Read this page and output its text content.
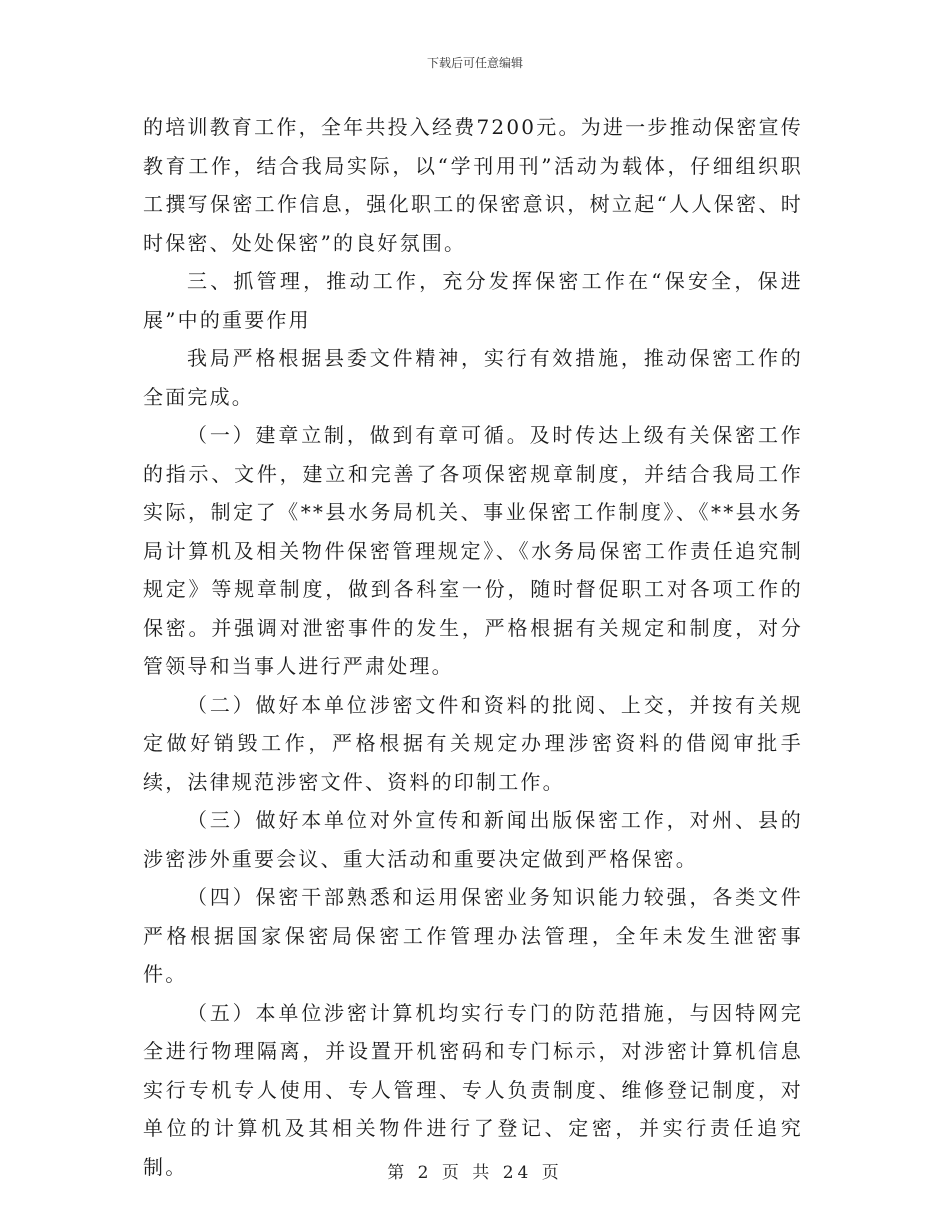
下载后可任意编辑

的培训教育工作，全年共投入经费7200元。为进一步推动保密宣传教育工作，结合我局实际，以“学刊用刊”活动为载体，仔细组织职工撰写保密工作信息，强化职工的保密意识，树立起“人人保密、时时保密、处处保密”的良好氛围。

三、抓管理，推动工作，充分发挥保密工作在“保安全，保进展”中的重要作用

我局严格根据县委文件精神，实行有效措施，推动保密工作的全面完成。

（一）建章立制，做到有章可循。及时传达上级有关保密工作的指示、文件，建立和完善了各项保密规章制度，并结合我局工作实际，制定了《**县水务局机关、事业保密工作制度》、《**县水务局计算机及相关物件保密管理规定》、《水务局保密工作责任追究制规定》等规章制度，做到各科室一份，随时督促职工对各项工作的保密。并强调对泄密事件的发生，严格根据有关规定和制度，对分管领导和当事人进行严肃处理。

（二）做好本单位涉密文件和资料的批阅、上交，并按有关规定做好销毁工作，严格根据有关规定办理涉密资料的借阅审批手续，法律规范涉密文件、资料的印制工作。

（三）做好本单位对外宣传和新闻出版保密工作，对州、县的涉密涉外重要会议、重大活动和重要决定做到严格保密。

（四）保密干部熟悉和运用保密业务知识能力较强，各类文件严格根据国家保密局保密工作管理办法管理，全年未发生泄密事件。

（五）本单位涉密计算机均实行专门的防范措施，与因特网完全进行物理隔离，并设置开机密码和专门标示，对涉密计算机信息实行专机专人使用、专人管理、专人负责制度、维修登记制度，对单位的计算机及其相关物件进行了登记、定密，并实行责任追究制。	第 2 页 共 24 页
